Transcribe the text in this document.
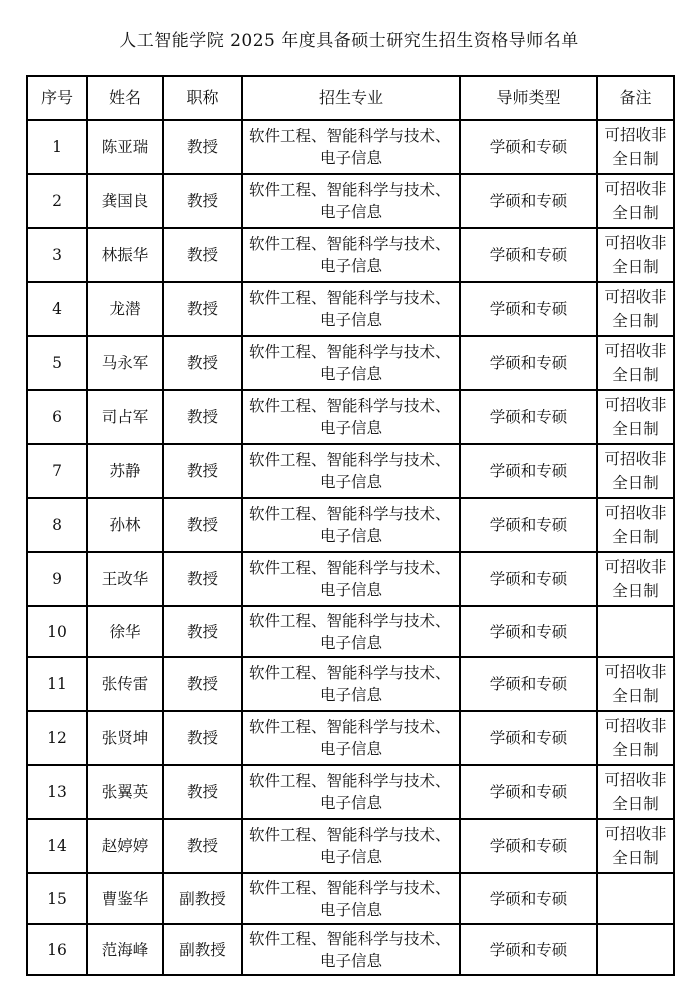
人工智能学院 2025 年度具备硕士研究生招生资格导师名单
序号	姓名	职称	招生专业	导师类型	备注
1	陈亚瑞	教授	软件工程、智能科学与技术、
电子信息	学硕和专硕	可招收非
全日制

2	龚国良	教授	软件工程、智能科学与技术、
电子信息	学硕和专硕	可招收非
全日制

3	林振华	教授	软件工程、智能科学与技术、
电子信息	学硕和专硕	可招收非
全日制

4	龙潜	教授	软件工程、智能科学与技术、
电子信息	学硕和专硕	可招收非
全日制

5	马永军	教授	软件工程、智能科学与技术、
电子信息	学硕和专硕	可招收非
全日制

6	司占军	教授	软件工程、智能科学与技术、
电子信息	学硕和专硕	可招收非
全日制

7	苏静	教授	软件工程、智能科学与技术、
电子信息	学硕和专硕	可招收非
全日制

8	孙林	教授	软件工程、智能科学与技术、
电子信息	学硕和专硕	可招收非
全日制

9	王改华	教授	软件工程、智能科学与技术、
电子信息	学硕和专硕	可招收非
全日制

10	徐华	教授	软件工程、智能科学与技术、
电子信息	学硕和专硕	

11	张传雷	教授	软件工程、智能科学与技术、
电子信息	学硕和专硕	可招收非
全日制

12	张贤坤	教授	软件工程、智能科学与技术、
电子信息	学硕和专硕	可招收非
全日制

13	张翼英	教授	软件工程、智能科学与技术、
电子信息	学硕和专硕	可招收非
全日制

14	赵婷婷	教授	软件工程、智能科学与技术、
电子信息	学硕和专硕	可招收非
全日制

15	曹鉴华	副教授	软件工程、智能科学与技术、
电子信息	学硕和专硕	

16	范海峰	副教授	软件工程、智能科学与技术、
电子信息	学硕和专硕	
